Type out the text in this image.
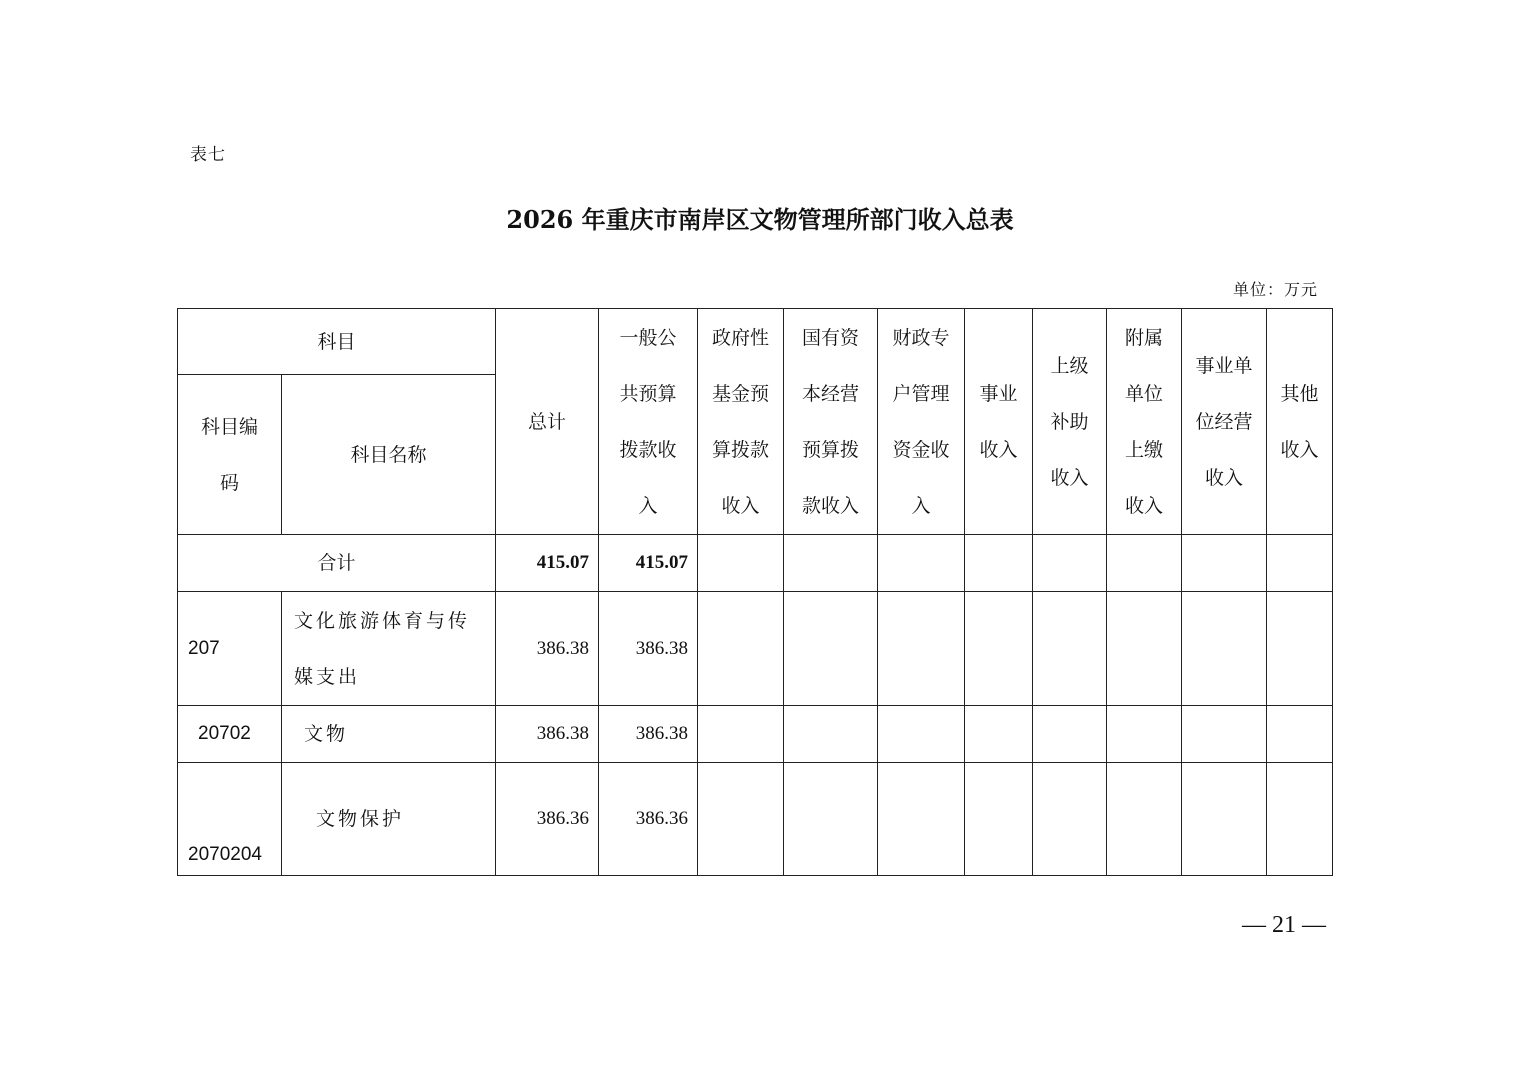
表七
2026 年重庆市南岸区文物管理所部门收入总表
单位：万元
科目		总计	一般公共预算拨款收入	政府性基金预算拨款收入	国有资本经营预算拨款收入	财政专户管理资金收入	事业收入	上级补助收入	附属单位上缴收入	事业单位经营收入	其他收入
科目编码	科目名称										
合计		415.07	415.07								
207	文化旅游体育与传媒支出	386.38	386.38								
20702	文物	386.38	386.38								
2070204	文物保护	386.36	386.36								
— 21 —
